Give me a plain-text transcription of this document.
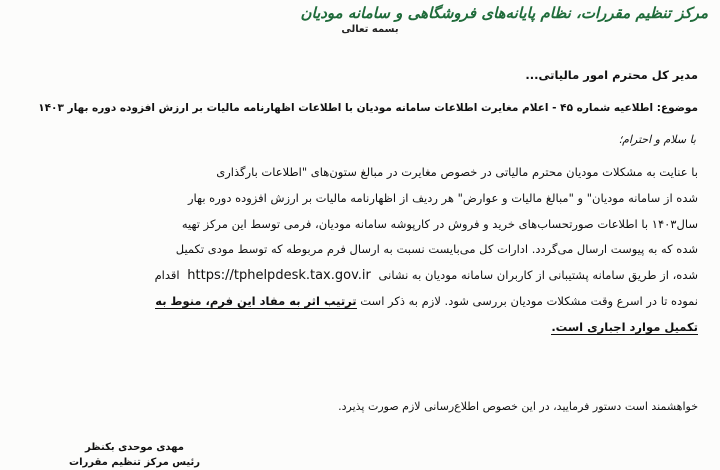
مرکز تنظیم مقررات، نظام پایانه‌های فروشگاهی و سامانه مودیان
بسمه تعالی
مدیر کل محترم امور مالیاتی...
موضوع: اطلاعیه شماره ۴۵ - اعلام مغایرت اطلاعات سامانه مودیان با اطلاعات اظهارنامه مالیات بر ارزش افزوده دوره بهار ۱۴۰۳
با سلام و احترام؛
با عنایت به مشکلات مودیان محترم مالیاتی در خصوص مغایرت در مبالغ ستون‌های "اطلاعات بارگذاری
شده از سامانه مودیان" و "مبالغ مالیات و عوارض" هر ردیف از اظهارنامه مالیات بر ارزش افزوده دوره بهار
سال۱۴۰۳ با اطلاعات صورتحساب‌های خرید و فروش در کارپوشه سامانه مودیان، فرمی توسط این مرکز تهیه
شده که به پیوست ارسال می‌گردد. ادارات کل می‌بایست نسبت به ارسال فرم مربوطه که توسط مودی تکمیل
شده، از طریق سامانه پشتیبانی از کاربران سامانه مودیان به نشانی https://tphelpdesk.tax.gov.ir اقدام
نموده تا در اسرع وقت مشکلات مودیان بررسی شود. لازم به ذکر است ترتیب اثر به مفاد این فرم، منوط به
تکمیل موارد اجباری است.
خواهشمند است دستور فرمایید، در این خصوص اطلاع‌رسانی لازم صورت پذیرد.
مهدی موحدی بکنظر
رئیس مرکز تنظیم مقررات
